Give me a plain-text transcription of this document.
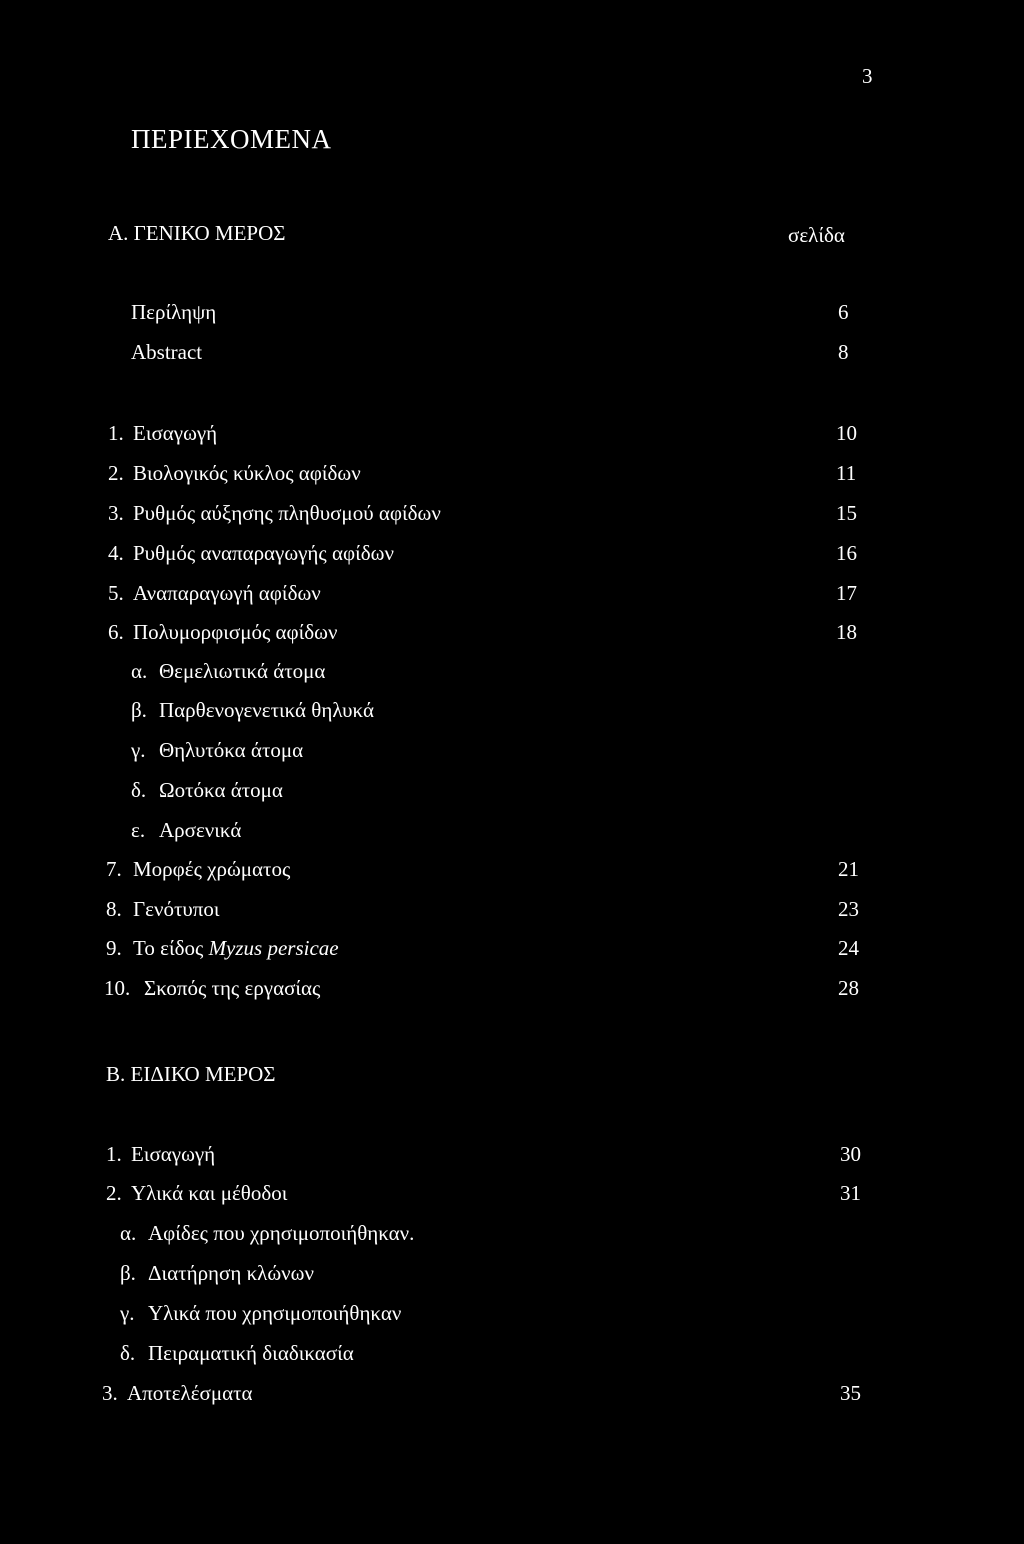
3
ΠΕΡΙΕΧΟΜΕΝΑ
Α. ΓΕΝΙΚΟ ΜΕΡΟΣ	σελίδα
Περίληψη	6
Abstract	8
1. Εισαγωγή	10
2. Βιολογικός κύκλος αφίδων	11
3. Ρυθμός αύξησης πληθυσμού αφίδων	15
4. Ρυθμός αναπαραγωγής αφίδων	16
5. Αναπαραγωγή αφίδων	17
6. Πολυμορφισμός αφίδων	18
α. Θεμελιωτικά άτομα
β. Παρθενογενετικά θηλυκά
γ. Θηλυτόκα άτομα
δ. Ωοτόκα άτομα
ε. Αρσενικά
7. Μορφές χρώματος	21
8. Γενότυποι	23
9. Το είδος Myzus persicae	24
10. Σκοπός της εργασίας	28
Β. ΕΙΔΙΚΟ ΜΕΡΟΣ
1. Εισαγωγή	30
2. Υλικά και μέθοδοι	31
α. Αφίδες που χρησιμοποιήθηκαν.
β. Διατήρηση κλώνων
γ. Υλικά που χρησιμοποιήθηκαν
δ. Πειραματική διαδικασία
3. Αποτελέσματα	35
